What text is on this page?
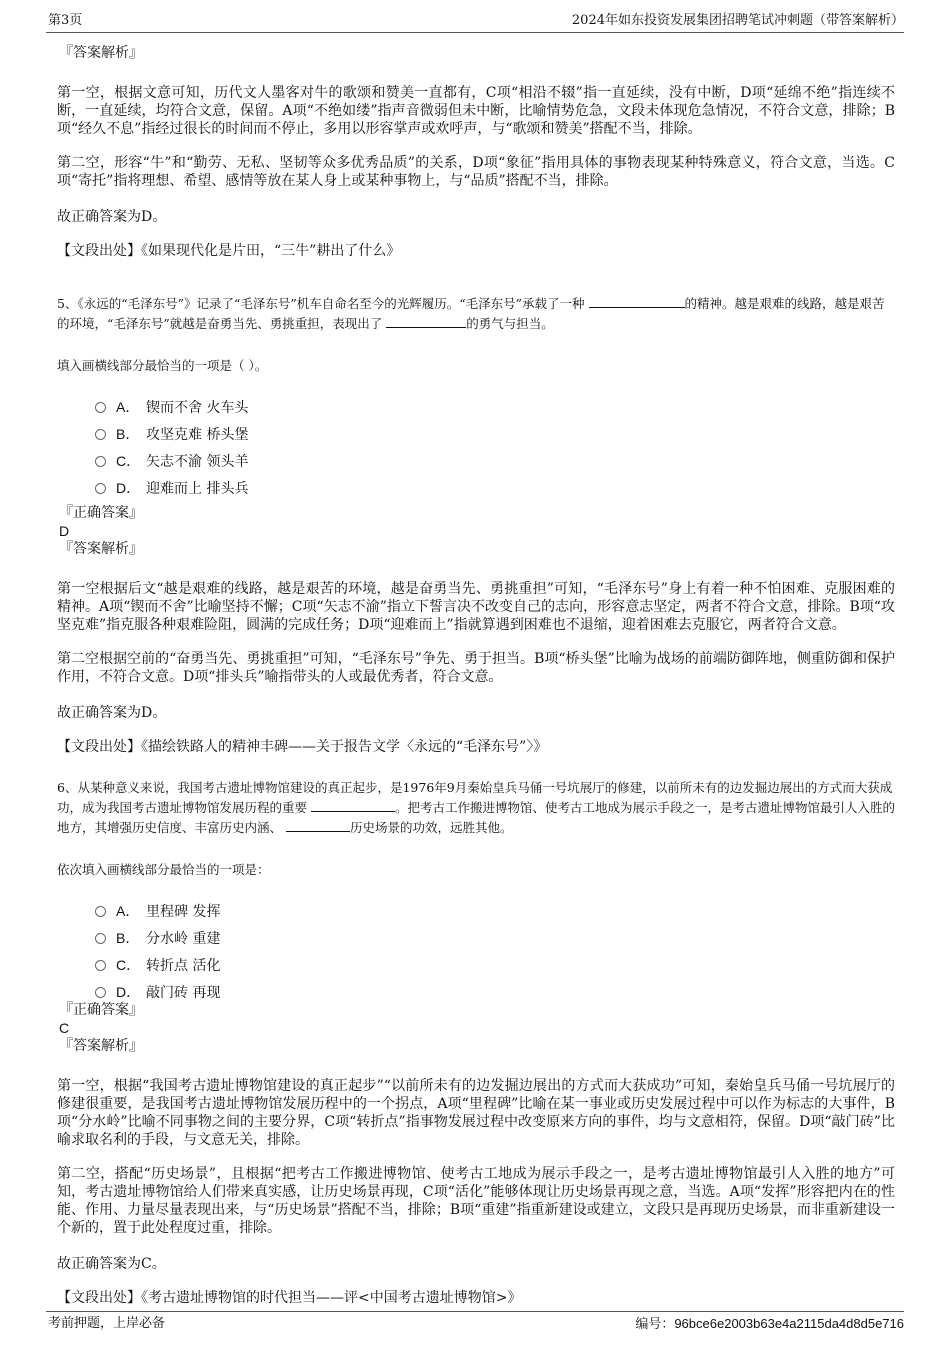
第3页	2024年如东投资发展集团招聘笔试冲刺题（带答案解析）
『答案解析』
第一空，根据文意可知，历代文人墨客对牛的歌颂和赞美一直都有，C项“相沿不辍”指一直延续，没有中断，D项“延绵不绝”指连续不断，一直延续，均符合文意，保留。A项“不绝如缕”指声音微弱但未中断，比喻情势危急，文段未体现危急情况，不符合文意，排除；B项“经久不息”指经过很长的时间而不停止，多用以形容掌声或欢呼声，与“歌颂和赞美”搭配不当，排除。
第二空，形容“牛”和“勤劳、无私、坚韧等众多优秀品质”的关系，D项“象征”指用具体的事物表现某种特殊意义，符合文意，当选。C项“寄托”指将理想、希望、感情等放在某人身上或某种事物上，与“品质”搭配不当，排除。
故正确答案为D。
【文段出处】《如果现代化是片田，“三牛”耕出了什么》
5、《永远的“毛泽东号”》记录了“毛泽东号”机车自命名至今的光辉履历。“毛泽东号”承载了一种	的精神。越是艰难的线路，越是艰苦的环境，“毛泽东号”就越是奋勇当先、勇挑重担，表现出了	的勇气与担当。
填入画横线部分最恰当的一项是（ ）。
A． 锲而不舍 火车头
B． 攻坚克难 桥头堡
C． 矢志不渝 领头羊
D． 迎难而上 排头兵
『正确答案』
D
『答案解析』
第一空根据后文“越是艰难的线路，越是艰苦的环境，越是奋勇当先、勇挑重担”可知，“毛泽东号”身上有着一种不怕困难、克服困难的精神。A项“锲而不舍”比喻坚持不懈；C项“矢志不渝”指立下誓言决不改变自己的志向，形容意志坚定，两者不符合文意，排除。B项“攻坚克难”指克服各种艰难险阻，圆满的完成任务；D项“迎难而上”指就算遇到困难也不退缩，迎着困难去克服它，两者符合文意。
第二空根据空前的“奋勇当先、勇挑重担”可知，“毛泽东号”争先、勇于担当。B项“桥头堡”比喻为战场的前端防御阵地，侧重防御和保护作用，不符合文意。D项“排头兵”喻指带头的人或最优秀者，符合文意。
故正确答案为D。
【文段出处】《描绘铁路人的精神丰碑——关于报告文学〈永远的“毛泽东号”〉》
6、从某种意义来说，我国考古遗址博物馆建设的真正起步，是1976年9月秦始皇兵马俑一号坑展厅的修建，以前所未有的边发掘边展出的方式而大获成功，成为我国考古遗址博物馆发展历程的重要	。把考古工作搬进博物馆、使考古工地成为展示手段之一，是考古遗址博物馆最引人入胜的地方，其增强历史信度、丰富历史内涵、	历史场景的功效，远胜其他。
依次填入画横线部分最恰当的一项是：
A． 里程碑 发挥
B． 分水岭 重建
C． 转折点 活化
D． 敲门砖 再现
『正确答案』
C
『答案解析』
第一空，根据“我国考古遗址博物馆建设的真正起步”“以前所未有的边发掘边展出的方式而大获成功”可知，秦始皇兵马俑一号坑展厅的修建很重要，是我国考古遗址博物馆发展历程中的一个拐点，A项“里程碑”比喻在某一事业或历史发展过程中可以作为标志的大事件，B项“分水岭”比喻不同事物之间的主要分界，C项“转折点”指事物发展过程中改变原来方向的事件，均与文意相符，保留。D项“敲门砖”比喻求取名利的手段，与文意无关，排除。
第二空，搭配“历史场景”，且根据“把考古工作搬进博物馆、使考古工地成为展示手段之一，是考古遗址博物馆最引人入胜的地方”可知，考古遗址博物馆给人们带来真实感，让历史场景再现，C项“活化”能够体现让历史场景再现之意，当选。A项“发挥”形容把内在的性能、作用、力量尽量表现出来，与“历史场景”搭配不当，排除；B项“重建”指重新建设或建立，文段只是再现历史场景，而非重新建设一个新的，置于此处程度过重，排除。
故正确答案为C。
【文段出处】《考古遗址博物馆的时代担当——评<中国考古遗址博物馆>》
考前押题，上岸必备	编号：96bce6e2003b63e4a2115da4d8d5e716
